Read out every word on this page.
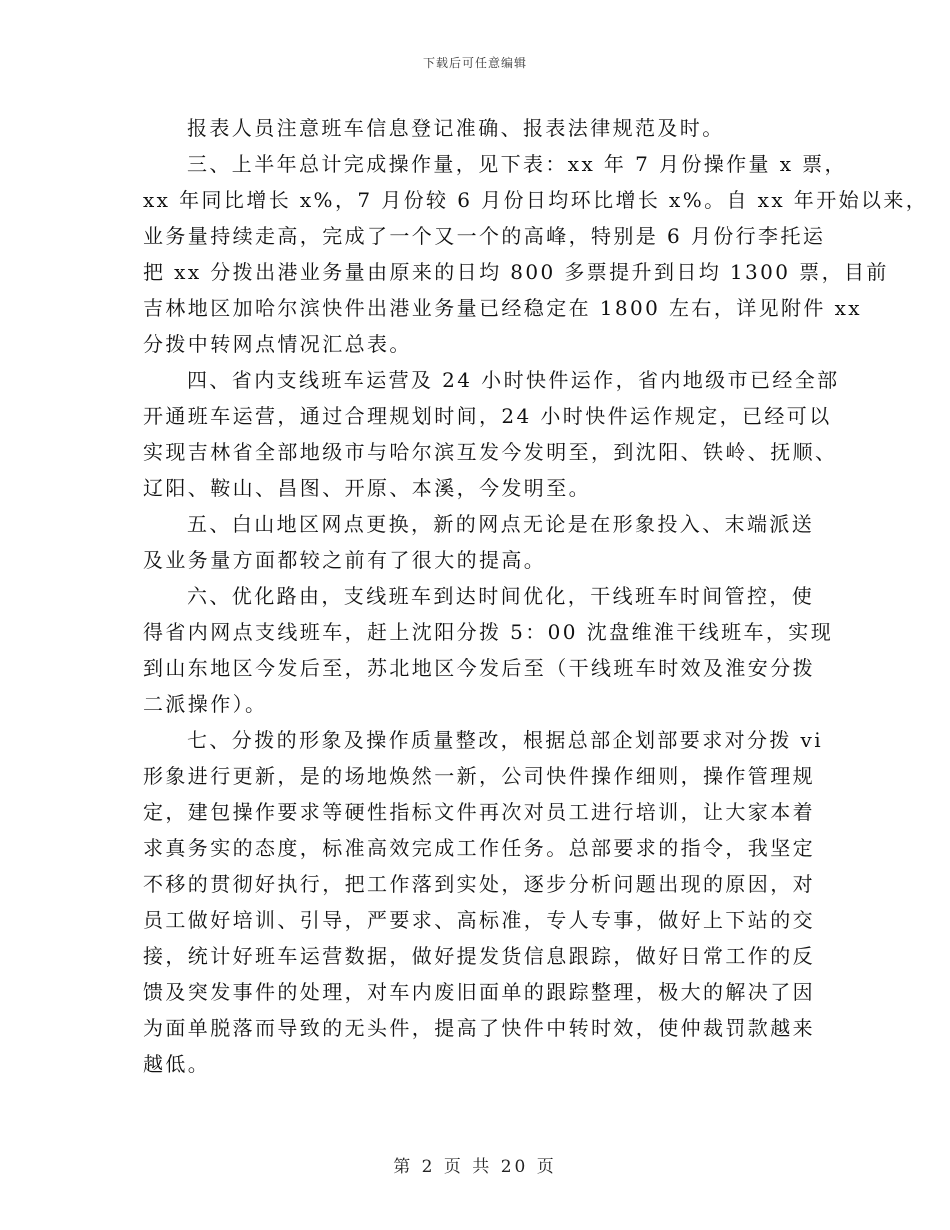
下载后可任意编辑
报表人员注意班车信息登记准确、报表法律规范及时。
三、上半年总计完成操作量，见下表：xx 年 7 月份操作量 x 票，
xx 年同比增长 x%，7 月份较 6 月份日均环比增长 x%。自 xx 年开始以来，
业务量持续走高，完成了一个又一个的高峰，特别是 6 月份行李托运
把 xx 分拨出港业务量由原来的日均 800 多票提升到日均 1300 票，目前
吉林地区加哈尔滨快件出港业务量已经稳定在 1800 左右，详见附件 xx
分拨中转网点情况汇总表。
四、省内支线班车运营及 24 小时快件运作，省内地级市已经全部
开通班车运营，通过合理规划时间，24 小时快件运作规定，已经可以
实现吉林省全部地级市与哈尔滨互发今发明至，到沈阳、铁岭、抚顺、
辽阳、鞍山、昌图、开原、本溪，今发明至。
五、白山地区网点更换，新的网点无论是在形象投入、末端派送
及业务量方面都较之前有了很大的提高。
六、优化路由，支线班车到达时间优化，干线班车时间管控，使
得省内网点支线班车，赶上沈阳分拨 5：00 沈盘维淮干线班车，实现
到山东地区今发后至，苏北地区今发后至（干线班车时效及淮安分拨
二派操作）。
七、分拨的形象及操作质量整改，根据总部企划部要求对分拨 vi
形象进行更新，是的场地焕然一新，公司快件操作细则，操作管理规
定，建包操作要求等硬性指标文件再次对员工进行培训，让大家本着
求真务实的态度，标准高效完成工作任务。总部要求的指令，我坚定
不移的贯彻好执行，把工作落到实处，逐步分析问题出现的原因，对
员工做好培训、引导，严要求、高标准，专人专事，做好上下站的交
接，统计好班车运营数据，做好提发货信息跟踪，做好日常工作的反
馈及突发事件的处理，对车内废旧面单的跟踪整理，极大的解决了因
为面单脱落而导致的无头件，提高了快件中转时效，使仲裁罚款越来
越低。
第 2 页 共 20 页
